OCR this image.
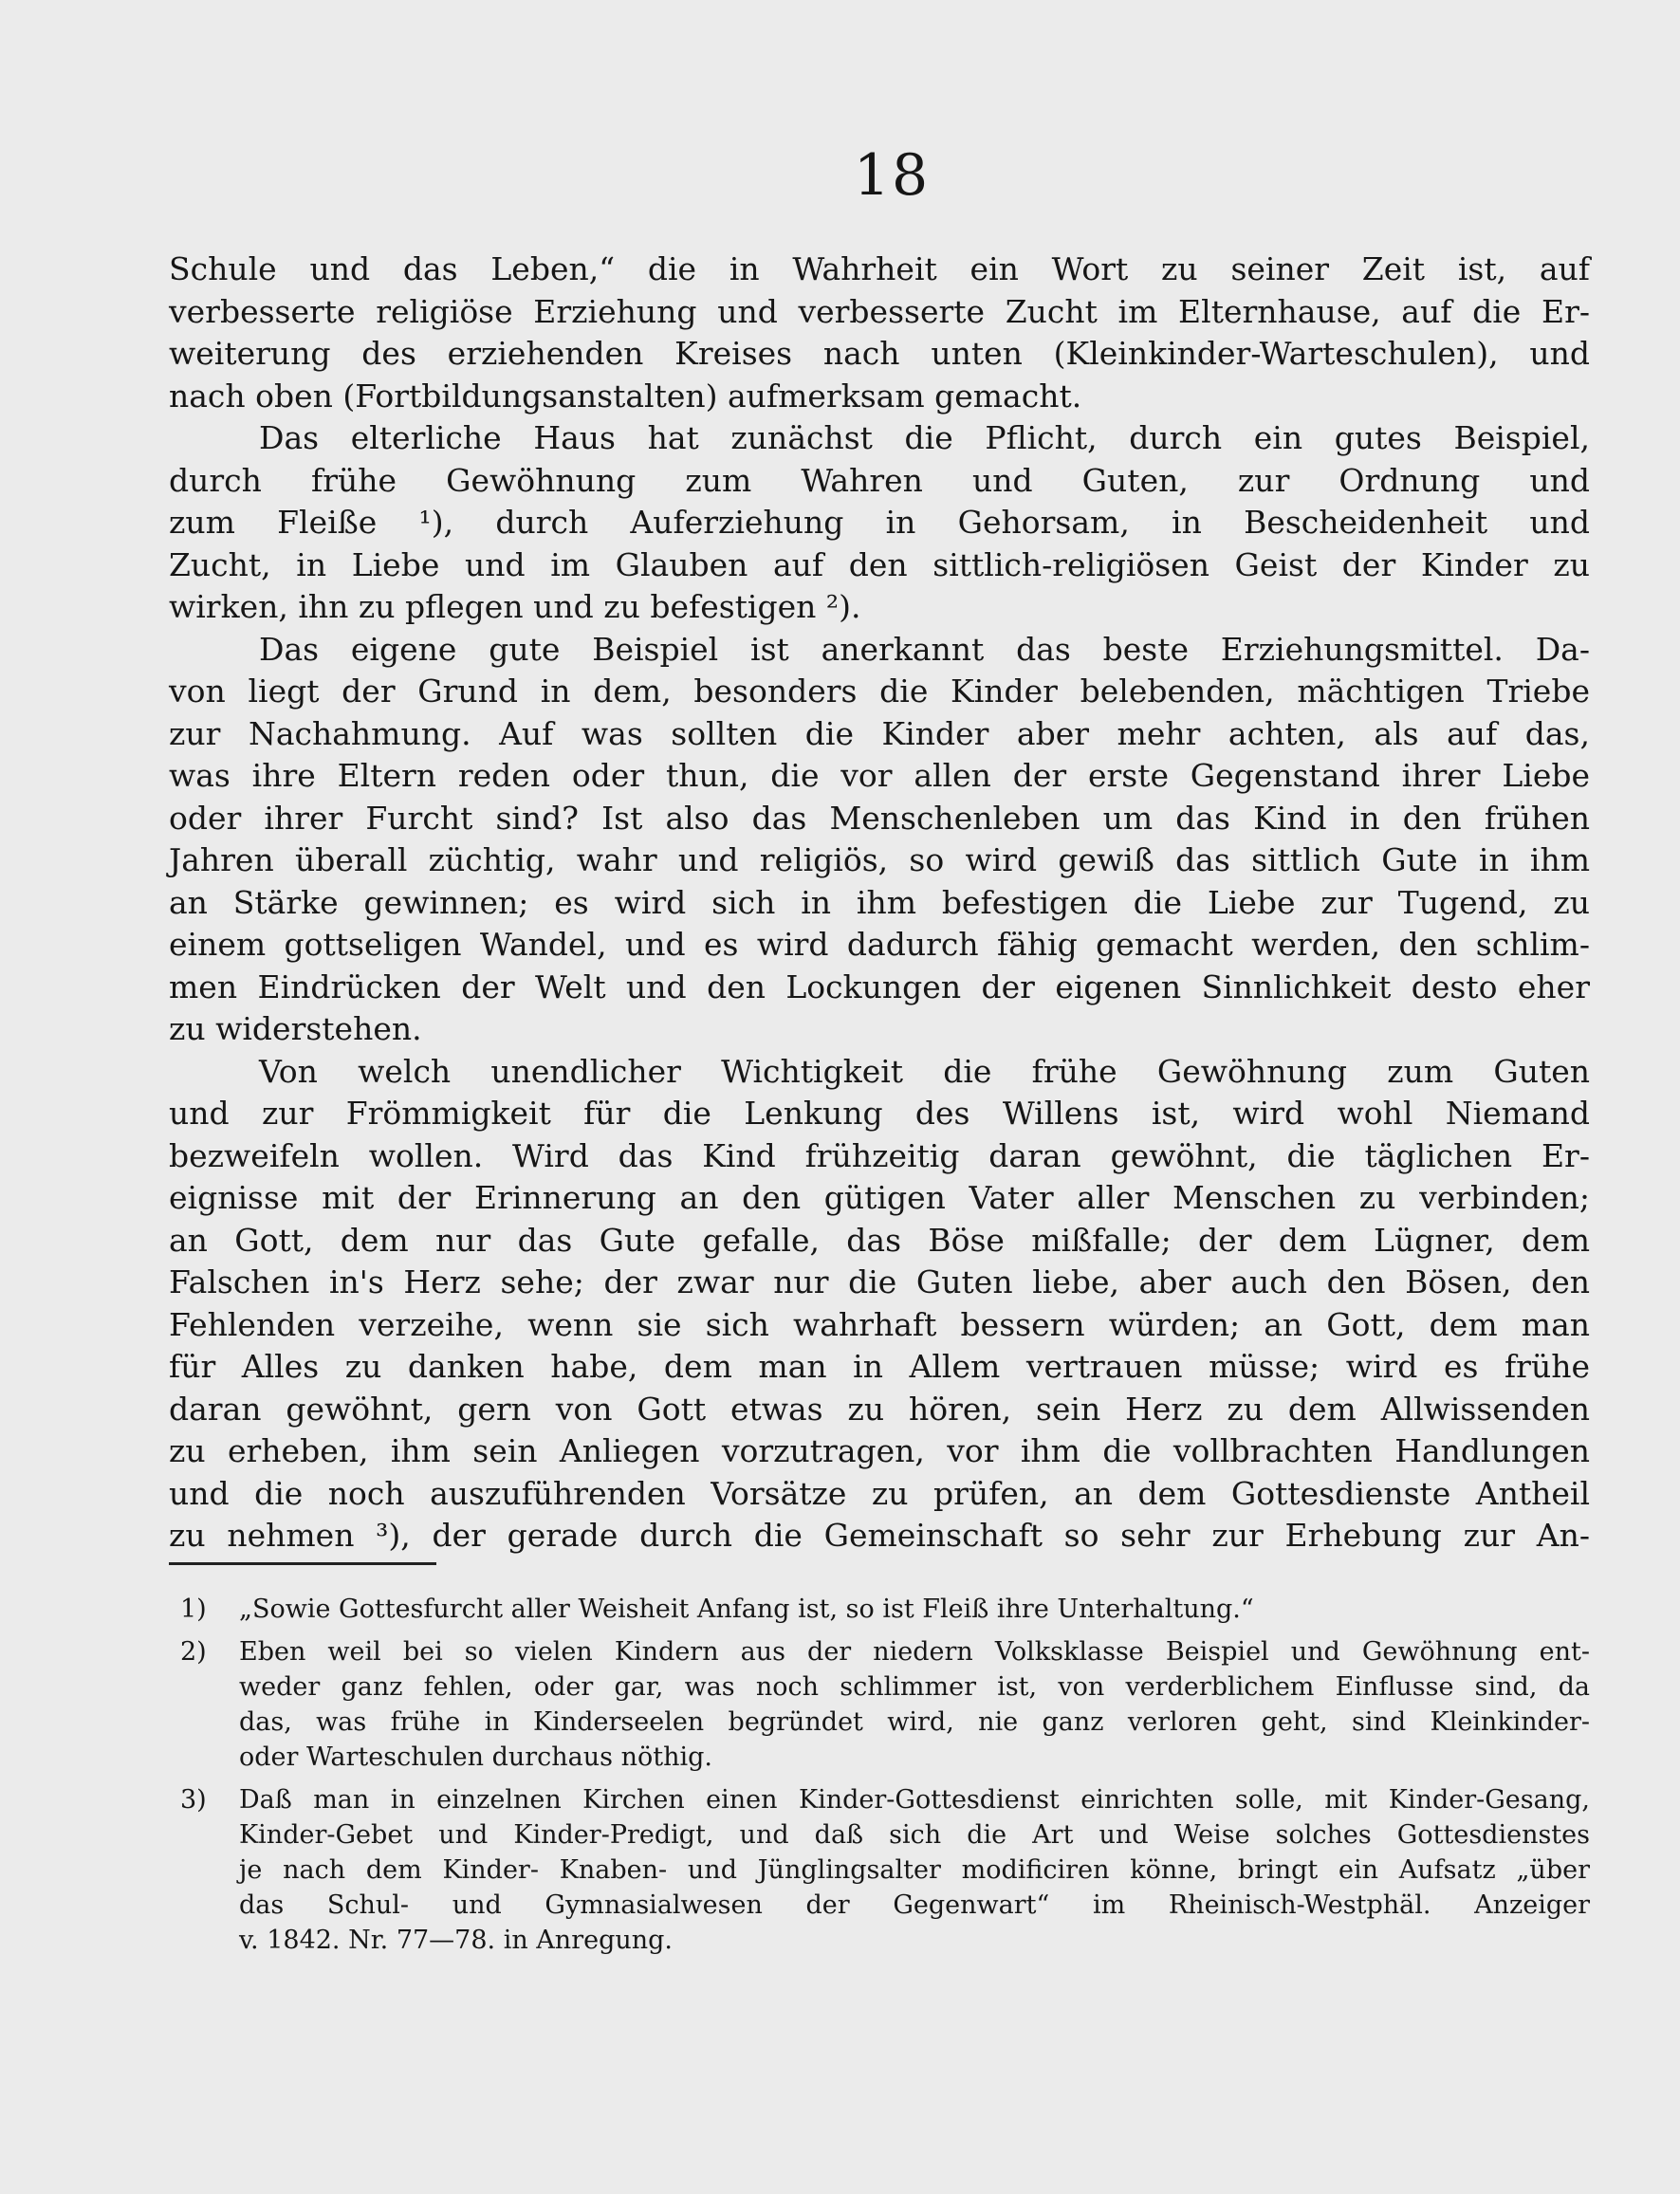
18
Schule und das Leben,“ die in Wahrheit ein Wort zu seiner Zeit ist, auf
verbesserte religiöse Erziehung und verbesserte Zucht im Elternhause, auf die Er-
weiterung des erziehenden Kreises nach unten (Kleinkinder-Warteschulen), und
nach oben (Fortbildungsanstalten) aufmerksam gemacht.
Das elterliche Haus hat zunächst die Pflicht, durch ein gutes Beispiel,
durch frühe Gewöhnung zum Wahren und Guten, zur Ordnung und
zum Fleiße ¹), durch Auferziehung in Gehorsam, in Bescheidenheit und
Zucht, in Liebe und im Glauben auf den sittlich-religiösen Geist der Kinder zu
wirken, ihn zu pflegen und zu befestigen ²).
Das eigene gute Beispiel ist anerkannt das beste Erziehungsmittel. Da-
von liegt der Grund in dem, besonders die Kinder belebenden, mächtigen Triebe
zur Nachahmung. Auf was sollten die Kinder aber mehr achten, als auf das,
was ihre Eltern reden oder thun, die vor allen der erste Gegenstand ihrer Liebe
oder ihrer Furcht sind? Ist also das Menschenleben um das Kind in den frühen
Jahren überall züchtig, wahr und religiös, so wird gewiß das sittlich Gute in ihm
an Stärke gewinnen; es wird sich in ihm befestigen die Liebe zur Tugend, zu
einem gottseligen Wandel, und es wird dadurch fähig gemacht werden, den schlim-
men Eindrücken der Welt und den Lockungen der eigenen Sinnlichkeit desto eher
zu widerstehen.
Von welch unendlicher Wichtigkeit die frühe Gewöhnung zum Guten
und zur Frömmigkeit für die Lenkung des Willens ist, wird wohl Niemand
bezweifeln wollen. Wird das Kind frühzeitig daran gewöhnt, die täglichen Er-
eignisse mit der Erinnerung an den gütigen Vater aller Menschen zu verbinden;
an Gott, dem nur das Gute gefalle, das Böse mißfalle; der dem Lügner, dem
Falschen in's Herz sehe; der zwar nur die Guten liebe, aber auch den Bösen, den
Fehlenden verzeihe, wenn sie sich wahrhaft bessern würden; an Gott, dem man
für Alles zu danken habe, dem man in Allem vertrauen müsse; wird es frühe
daran gewöhnt, gern von Gott etwas zu hören, sein Herz zu dem Allwissenden
zu erheben, ihm sein Anliegen vorzutragen, vor ihm die vollbrachten Handlungen
und die noch auszuführenden Vorsätze zu prüfen, an dem Gottesdienste Antheil
zu nehmen ³), der gerade durch die Gemeinschaft so sehr zur Erhebung zur An-
1) „Sowie Gottesfurcht aller Weisheit Anfang ist, so ist Fleiß ihre Unterhaltung.“
2) Eben weil bei so vielen Kindern aus der niedern Volksklasse Beispiel und Gewöhnung ent-
weder ganz fehlen, oder gar, was noch schlimmer ist, von verderblichem Einflusse sind, da
das, was frühe in Kinderseelen begründet wird, nie ganz verloren geht, sind Kleinkinder-
oder Warteschulen durchaus nöthig.
3) Daß man in einzelnen Kirchen einen Kinder-Gottesdienst einrichten solle, mit Kinder-Gesang,
Kinder-Gebet und Kinder-Predigt, und daß sich die Art und Weise solches Gottesdienstes
je nach dem Kinder- Knaben- und Jünglingsalter modificiren könne, bringt ein Aufsatz „über
das Schul- und Gymnasialwesen der Gegenwart“ im Rheinisch-Westphäl. Anzeiger
v. 1842. Nr. 77—78. in Anregung.
